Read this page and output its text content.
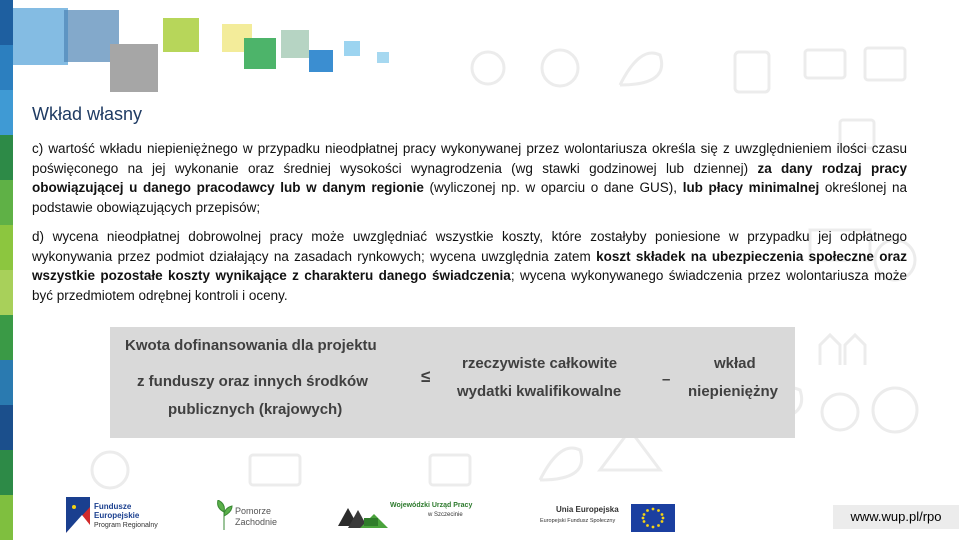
Wkład własny

c) wartość wkładu niepieniężnego w przypadku nieodpłatnej pracy wykonywanej przez wolontariusza określa się z uwzględnieniem ilości czasu poświęconego na jej wykonanie oraz średniej wysokości wynagrodzenia (wg stawki godzinowej lub dziennej) za dany rodzaj pracy obowiązującej u danego pracodawcy lub w danym regionie (wyliczonej np. w oparciu o dane GUS), lub płacy minimalnej określonej na podstawie obowiązujących przepisów;

d) wycena nieodpłatnej dobrowolnej pracy może uwzględniać wszystkie koszty, które zostałyby poniesione w przypadku jej odpłatnego wykonywania przez podmiot działający na zasadach rynkowych; wycena uwzględnia zatem koszt składek na ubezpieczenia społeczne oraz wszystkie pozostałe koszty wynikające z charakteru danego świadczenia; wycena wykonywanego świadczenia przez wolontariusza może być przedmiotem odrębnej kontroli i oceny.

Kwota dofinansowania dla projektu
z funduszy oraz innych środków
publicznych (krajowych)
≤
rzeczywiste całkowite
wydatki kwalifikowalne
–
wkład
niepieniężny
Fundusze
Europejskie
Program Regionalny
Pomorze
Zachodnie
Wojewódzki Urząd Pracy
w Szczecinie
Unia Europejska
Europejski Fundusz Społeczny	www.wup.pl/rpo
